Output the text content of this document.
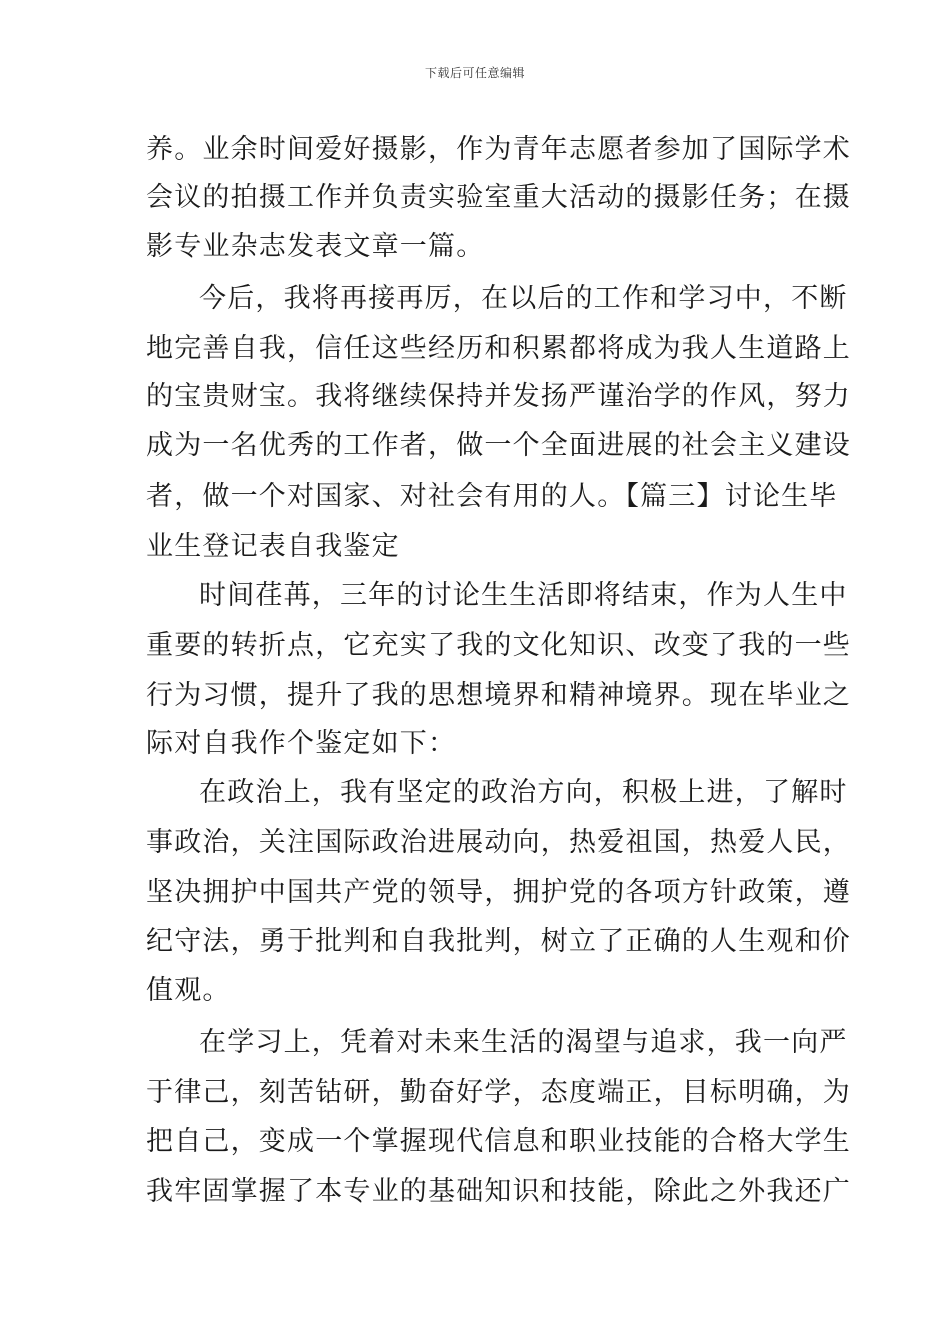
下载后可任意编辑
养。业余时间爱好摄影，作为青年志愿者参加了国际学术
会议的拍摄工作并负责实验室重大活动的摄影任务；在摄
影专业杂志发表文章一篇。
今后，我将再接再厉，在以后的工作和学习中，不断
地完善自我，信任这些经历和积累都将成为我人生道路上
的宝贵财宝。我将继续保持并发扬严谨治学的作风，努力
成为一名优秀的工作者，做一个全面进展的社会主义建设
者，做一个对国家、对社会有用的人。【篇三】讨论生毕
业生登记表自我鉴定
时间荏苒，三年的讨论生生活即将结束，作为人生中
重要的转折点，它充实了我的文化知识、改变了我的一些
行为习惯，提升了我的思想境界和精神境界。现在毕业之
际对自我作个鉴定如下：
在政治上，我有坚定的政治方向，积极上进，了解时
事政治，关注国际政治进展动向，热爱祖国，热爱人民，
坚决拥护中国共产党的领导，拥护党的各项方针政策，遵
纪守法，勇于批判和自我批判，树立了正确的人生观和价
值观。
在学习上，凭着对未来生活的渴望与追求，我一向严
于律己，刻苦钻研，勤奋好学，态度端正，目标明确，为
把自己，变成一个掌握现代信息和职业技能的合格大学生
我牢固掌握了本专业的基础知识和技能，除此之外我还广
